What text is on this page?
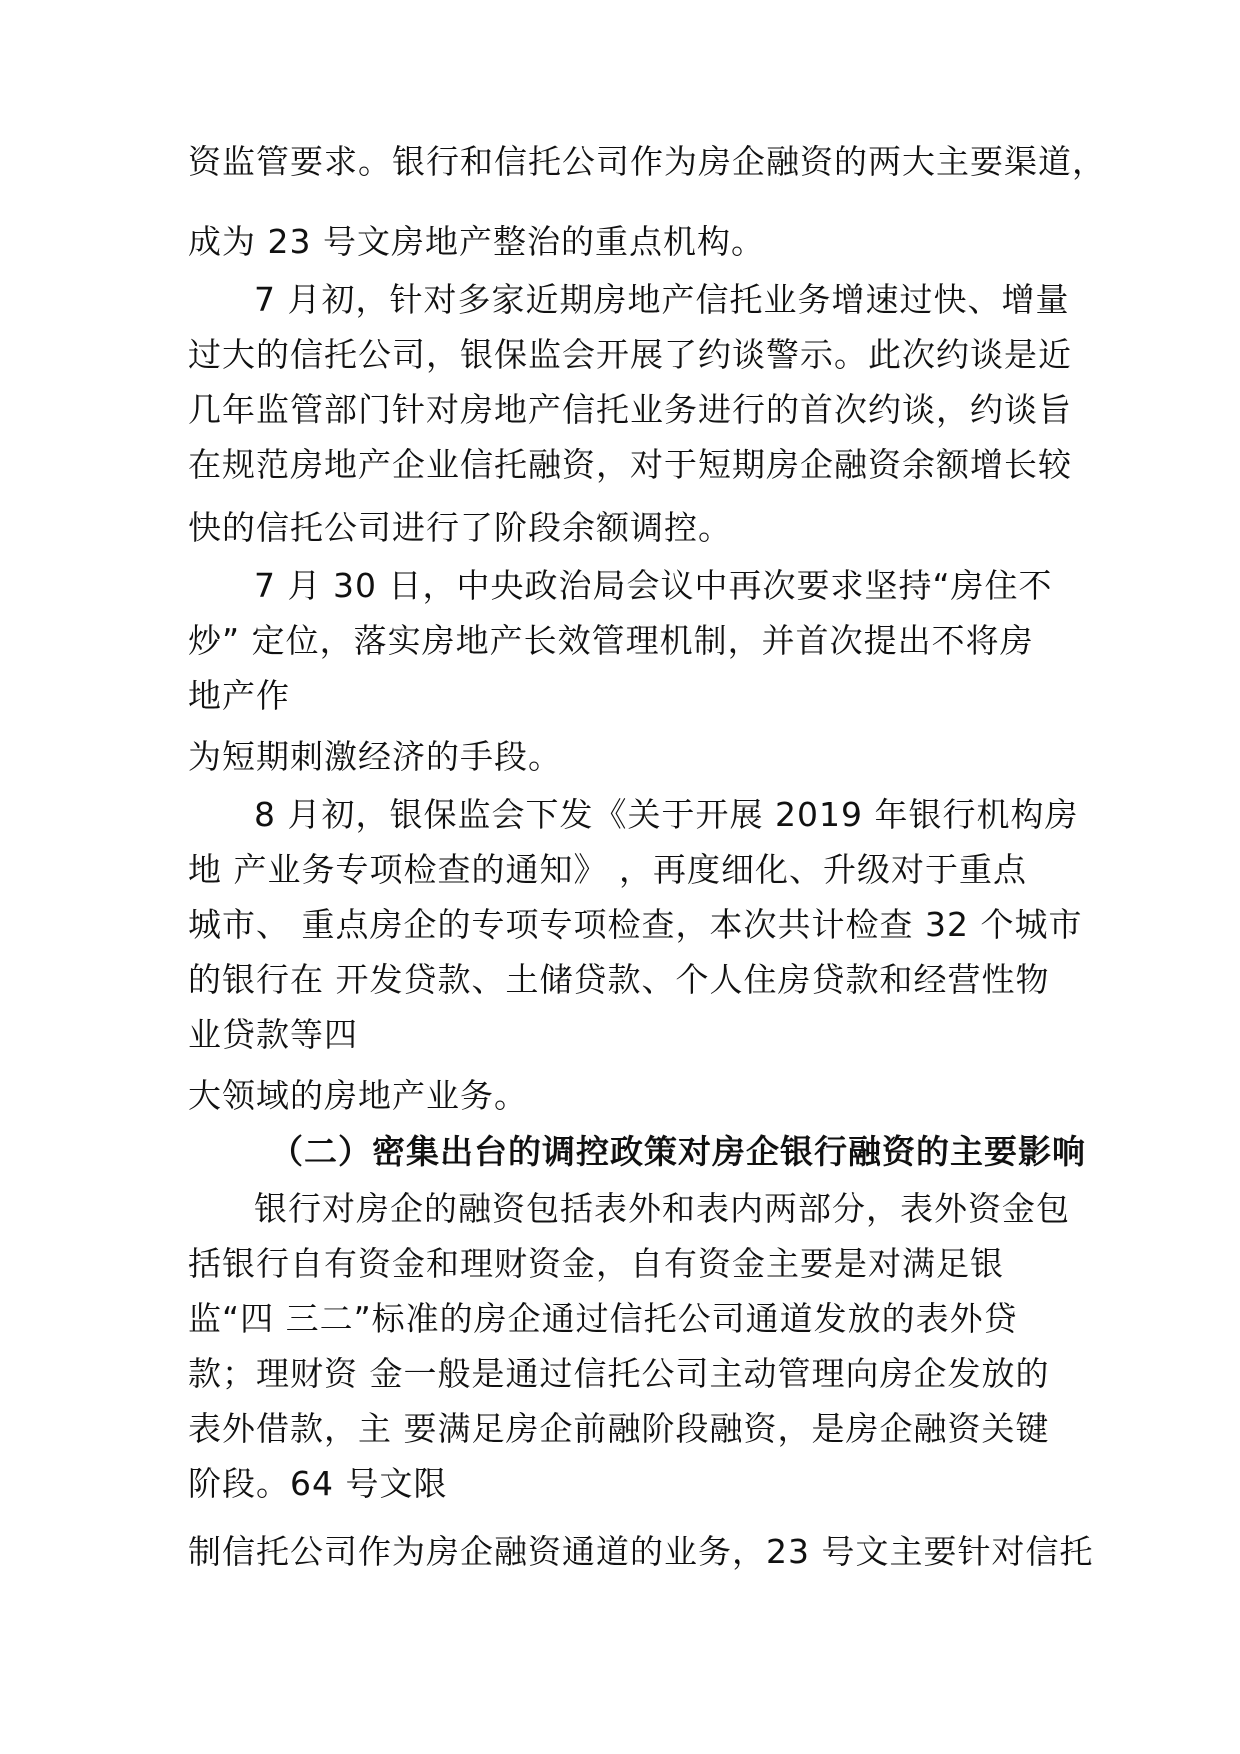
资监管要求。银行和信托公司作为房企融资的两大主要渠道，
成为 23 号文房地产整治的重点机构。
7 月初，针对多家近期房地产信托业务增速过快、增量
过大的信托公司，银保监会开展了约谈警示。此次约谈是近
几年监管部门针对房地产信托业务进行的首次约谈，约谈旨
在规范房地产企业信托融资，对于短期房企融资余额增长较
快的信托公司进行了阶段余额调控。
7 月 30 日，中央政治局会议中再次要求坚持“房住不
炒” 定位，落实房地产长效管理机制，并首次提出不将房
地产作
为短期刺激经济的手段。
8 月初，银保监会下发《关于开展 2019 年银行机构房
地 产业务专项检查的通知》 ，再度细化、升级对于重点
城市、 重点房企的专项专项检查，本次共计检查 32 个城市
的银行在 开发贷款、土储贷款、个人住房贷款和经营性物
业贷款等四
大领域的房地产业务。
（二）密集出台的调控政策对房企银行融资的主要影响
银行对房企的融资包括表外和表内两部分，表外资金包
括银行自有资金和理财资金，自有资金主要是对满足银
监“四 三二”标准的房企通过信托公司通道发放的表外贷
款；理财资 金一般是通过信托公司主动管理向房企发放的
表外借款，主 要满足房企前融阶段融资，是房企融资关键
阶段。64 号文限
制信托公司作为房企融资通道的业务，23 号文主要针对信托
